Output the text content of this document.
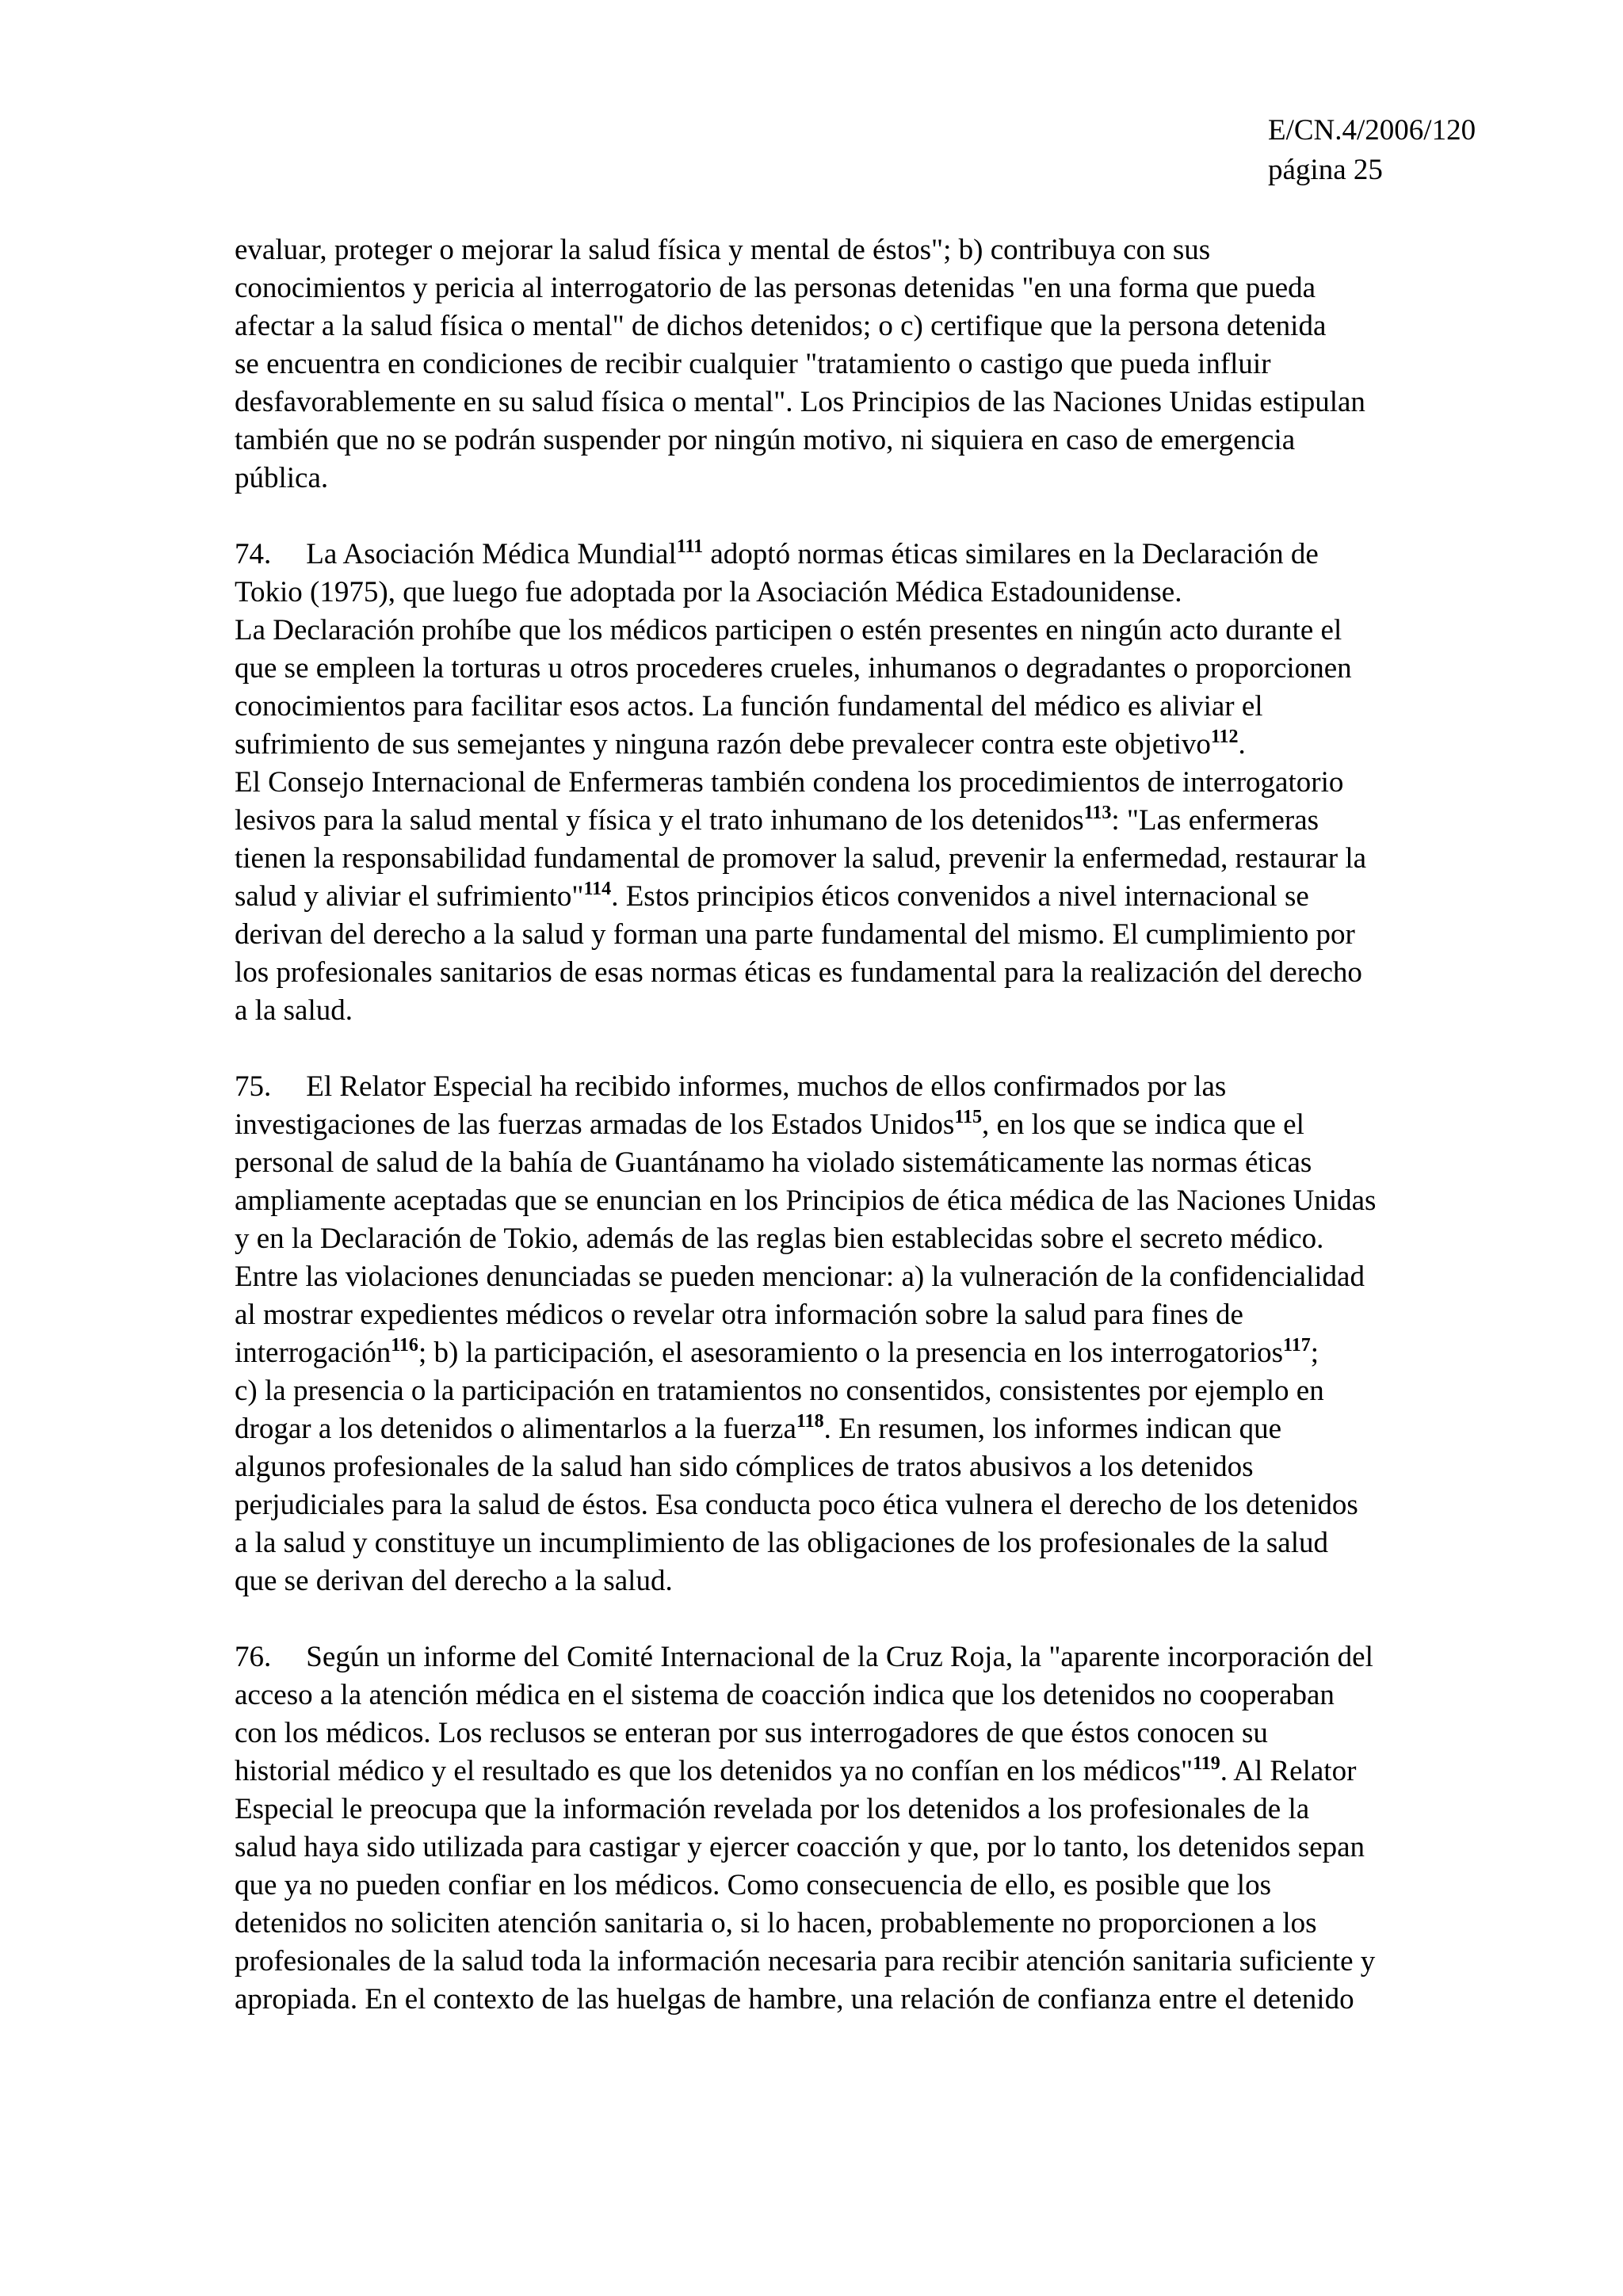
E/CN.4/2006/120
página 25
evaluar, proteger o mejorar la salud física y mental de éstos"; b) contribuya con sus
conocimientos y pericia al interrogatorio de las personas detenidas "en una forma que pueda
afectar a la salud física o mental" de dichos detenidos; o c) certifique que la persona detenida
se encuentra en condiciones de recibir cualquier "tratamiento o castigo que pueda influir
desfavorablemente en su salud física o mental". Los Principios de las Naciones Unidas estipulan
también que no se podrán suspender por ningún motivo, ni siquiera en caso de emergencia
pública.
74. La Asociación Médica Mundial$^{111}$ adoptó normas éticas similares en la Declaración de
Tokio (1975), que luego fue adoptada por la Asociación Médica Estadounidense.
La Declaración prohíbe que los médicos participen o estén presentes en ningún acto durante el
que se empleen la torturas u otros procederes crueles, inhumanos o degradantes o proporcionen
conocimientos para facilitar esos actos. La función fundamental del médico es aliviar el
sufrimiento de sus semejantes y ninguna razón debe prevalecer contra este objetivo$^{112}$.
El Consejo Internacional de Enfermeras también condena los procedimientos de interrogatorio
lesivos para la salud mental y física y el trato inhumano de los detenidos$^{113}$: "Las enfermeras
tienen la responsabilidad fundamental de promover la salud, prevenir la enfermedad, restaurar la
salud y aliviar el sufrimiento"$^{114}$. Estos principios éticos convenidos a nivel internacional se
derivan del derecho a la salud y forman una parte fundamental del mismo. El cumplimiento por
los profesionales sanitarios de esas normas éticas es fundamental para la realización del derecho
a la salud.
75. El Relator Especial ha recibido informes, muchos de ellos confirmados por las
investigaciones de las fuerzas armadas de los Estados Unidos$^{115}$, en los que se indica que el
personal de salud de la bahía de Guantánamo ha violado sistemáticamente las normas éticas
ampliamente aceptadas que se enuncian en los Principios de ética médica de las Naciones Unidas
y en la Declaración de Tokio, además de las reglas bien establecidas sobre el secreto médico.
Entre las violaciones denunciadas se pueden mencionar: a) la vulneración de la confidencialidad
al mostrar expedientes médicos o revelar otra información sobre la salud para fines de
interrogación$^{116}$; b) la participación, el asesoramiento o la presencia en los interrogatorios$^{117}$;
c) la presencia o la participación en tratamientos no consentidos, consistentes por ejemplo en
drogar a los detenidos o alimentarlos a la fuerza$^{118}$. En resumen, los informes indican que
algunos profesionales de la salud han sido cómplices de tratos abusivos a los detenidos
perjudiciales para la salud de éstos. Esa conducta poco ética vulnera el derecho de los detenidos
a la salud y constituye un incumplimiento de las obligaciones de los profesionales de la salud
que se derivan del derecho a la salud.
76. Según un informe del Comité Internacional de la Cruz Roja, la "aparente incorporación del
acceso a la atención médica en el sistema de coacción indica que los detenidos no cooperaban
con los médicos. Los reclusos se enteran por sus interrogadores de que éstos conocen su
historial médico y el resultado es que los detenidos ya no confían en los médicos"$^{119}$. Al Relator
Especial le preocupa que la información revelada por los detenidos a los profesionales de la
salud haya sido utilizada para castigar y ejercer coacción y que, por lo tanto, los detenidos sepan
que ya no pueden confiar en los médicos. Como consecuencia de ello, es posible que los
detenidos no soliciten atención sanitaria o, si lo hacen, probablemente no proporcionen a los
profesionales de la salud toda la información necesaria para recibir atención sanitaria suficiente y
apropiada. En el contexto de las huelgas de hambre, una relación de confianza entre el detenido
